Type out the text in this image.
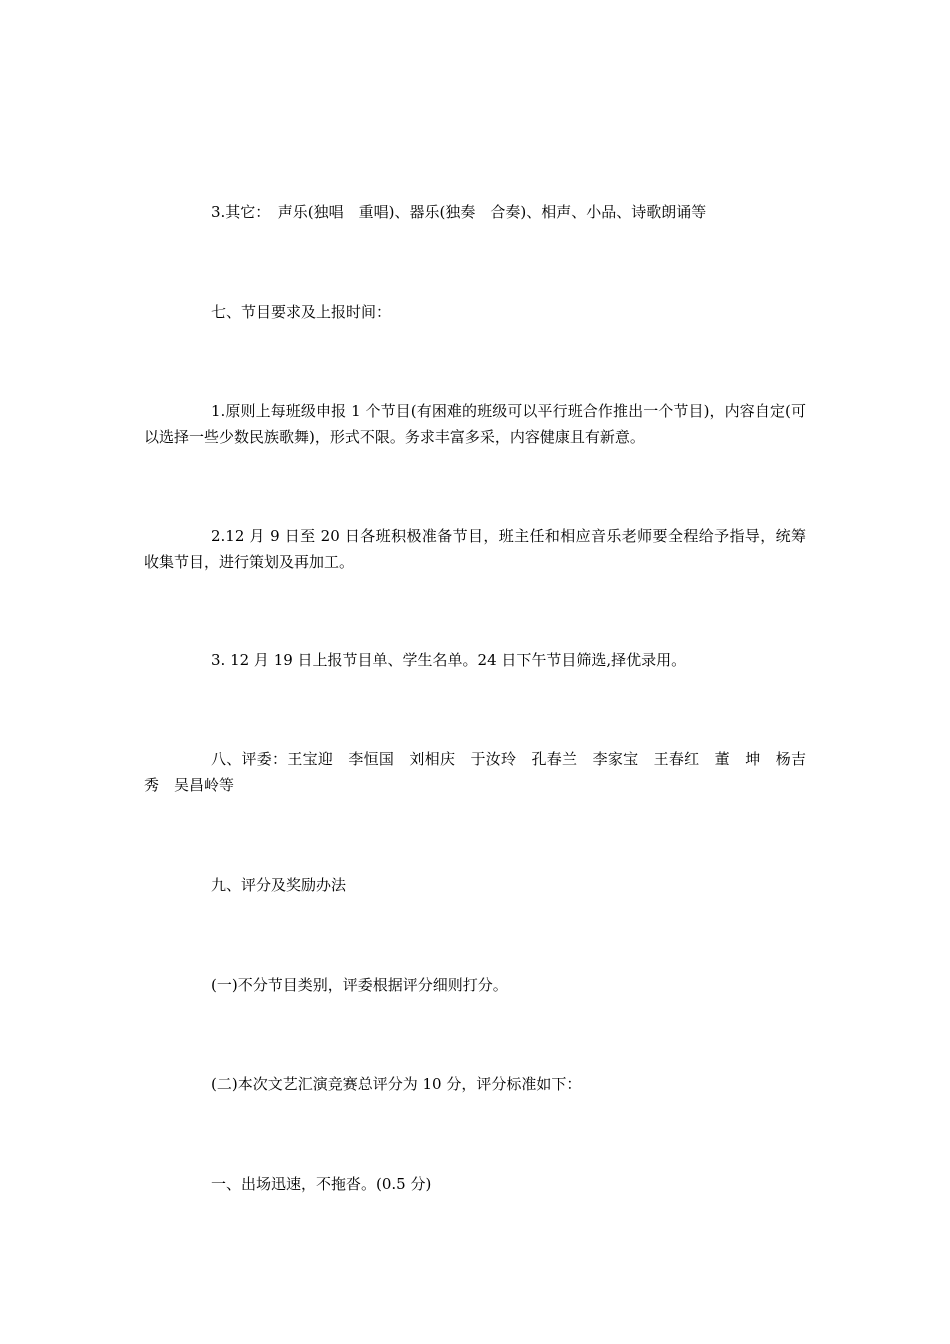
3.其它：　声乐(独唱　重唱)、器乐(独奏　合奏)、相声、小品、诗歌朗诵等

七、节目要求及上报时间：

1.原则上每班级申报 1 个节目(有困难的班级可以平行班合作推出一个节目)，内容自定(可以选择一些少数民族歌舞)，形式不限。务求丰富多采，内容健康且有新意。

2.12 月 9 日至 20 日各班积极准备节目，班主任和相应音乐老师要全程给予指导，统筹收集节目，进行策划及再加工。

3. 12 月 19 日上报节目单、学生名单。24 日下午节目筛选,择优录用。

八、评委：王宝迎　李恒国　刘相庆　于汝玲　孔春兰　李家宝　王春红　董　坤　杨吉秀　吴昌岭等

九、评分及奖励办法

(一)不分节目类别，评委根据评分细则打分。

(二)本次文艺汇演竞赛总评分为 10 分，评分标准如下：

一、出场迅速，不拖沓。(0.5 分)
